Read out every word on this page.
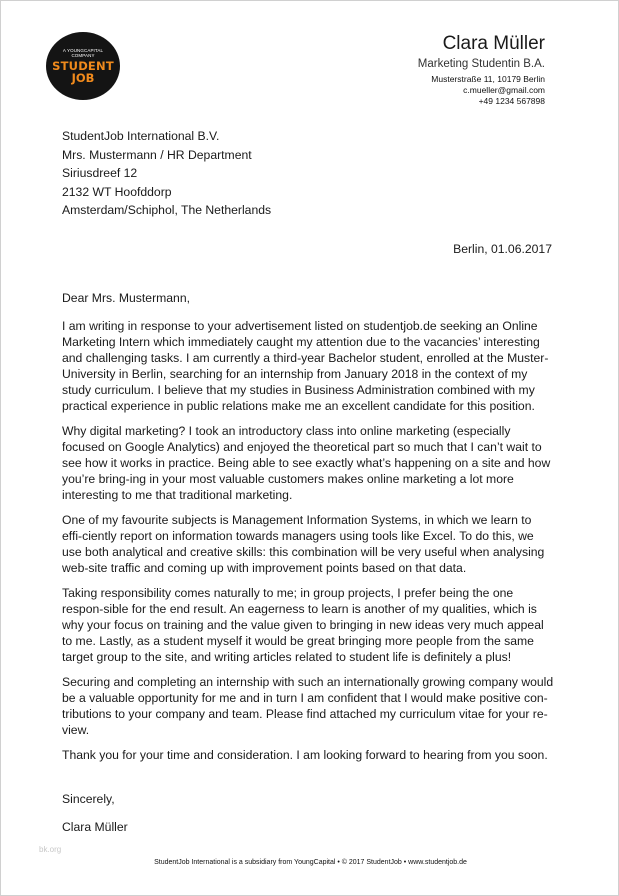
A YOUNGCAPITAL COMPANY
STUDENT
JOB
Clara Müller
Marketing Studentin B.A.
Musterstraße 11, 10179 Berlin
c.mueller@gmail.com
+49 1234 567898
StudentJob International B.V.
Mrs. Mustermann / HR Department
Siriusdreef 12
2132 WT Hoofddorp
Amsterdam/Schiphol, The Netherlands
Berlin, 01.06.2017

Dear Mrs. Mustermann,

I am writing in response to your advertisement listed on studentjob.de seeking an Online Marketing Intern which immediately caught my attention due to the vacancies’ interesting and challenging tasks. I am currently a third-year Bachelor student, enrolled at the Muster-University in Berlin, searching for an internship from January 2018 in the context of my study curriculum. I believe that my studies in Business Administration combined with my practical experience in public relations make me an excellent candidate for this position.

Why digital marketing? I took an introductory class into online marketing (especially focused on Google Analytics) and enjoyed the theoretical part so much that I can’t wait to see how it works in practice. Being able to see exactly what’s happening on a site and how you’re bring-ing in your most valuable customers makes online marketing a lot more interesting to me that traditional marketing.

One of my favourite subjects is Management Information Systems, in which we learn to effi-ciently report on information towards managers using tools like Excel. To do this, we use both analytical and creative skills: this combination will be very useful when analysing web-site traffic and coming up with improvement points based on that data.

Taking responsibility comes naturally to me; in group projects, I prefer being the one respon-sible for the end result. An eagerness to learn is another of my qualities, which is why your focus on training and the value given to bringing in new ideas very much appeal to me. Lastly, as a student myself it would be great bringing more people from the same target group to the site, and writing articles related to student life is definitely a plus!

Securing and completing an internship with such an internationally growing company would be a valuable opportunity for me and in turn I am confident that I would make positive con-tributions to your company and team. Please find attached my curriculum vitae for your re-view.

Thank you for your time and consideration. I am looking forward to hearing from you soon.

Sincerely,
Clara Müller
bk.org
StudentJob International is a subsidiary from YoungCapital • © 2017 StudentJob • www.studentjob.de
